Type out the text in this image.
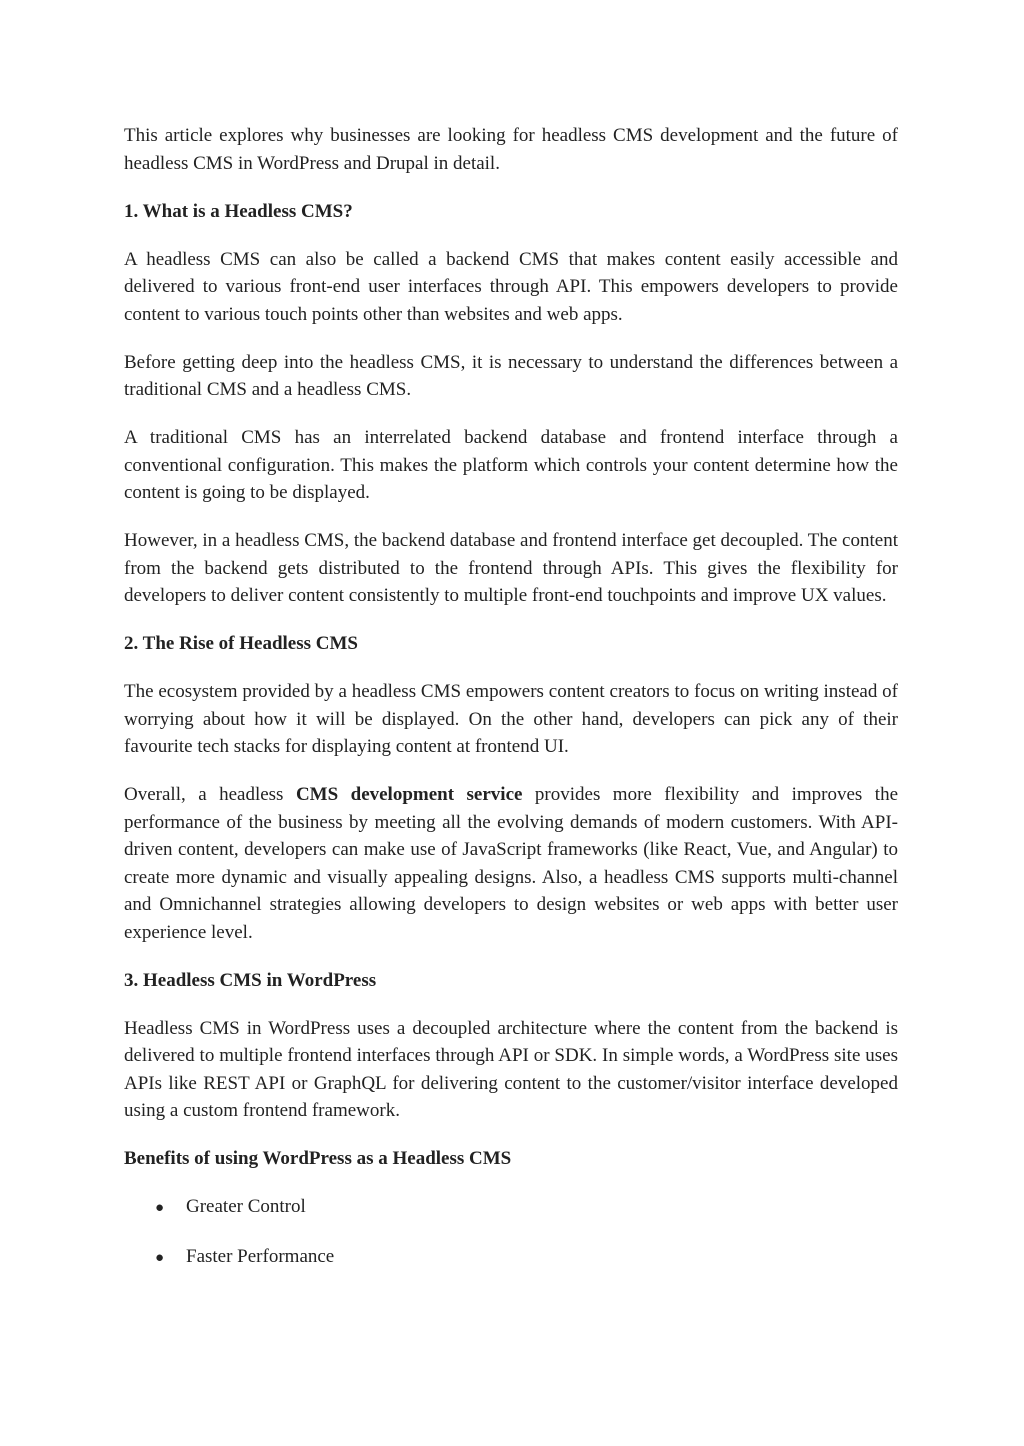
This article explores why businesses are looking for headless CMS development and the future of headless CMS in WordPress and Drupal in detail.

1. What is a Headless CMS?

A headless CMS can also be called a backend CMS that makes content easily accessible and delivered to various front-end user interfaces through API. This empowers developers to provide content to various touch points other than websites and web apps.

Before getting deep into the headless CMS, it is necessary to understand the differences between a traditional CMS and a headless CMS.

A traditional CMS has an interrelated backend database and frontend interface through a conventional configuration. This makes the platform which controls your content determine how the content is going to be displayed.

However, in a headless CMS, the backend database and frontend interface get decoupled. The content from the backend gets distributed to the frontend through APIs. This gives the flexibility for developers to deliver content consistently to multiple front-end touchpoints and improve UX values.

2. The Rise of Headless CMS

The ecosystem provided by a headless CMS empowers content creators to focus on writing instead of worrying about how it will be displayed. On the other hand, developers can pick any of their favourite tech stacks for displaying content at frontend UI.

Overall, a headless CMS development service provides more flexibility and improves the performance of the business by meeting all the evolving demands of modern customers. With API-driven content, developers can make use of JavaScript frameworks (like React, Vue, and Angular) to create more dynamic and visually appealing designs. Also, a headless CMS supports multi-channel and Omnichannel strategies allowing developers to design websites or web apps with better user experience level.

3. Headless CMS in WordPress

Headless CMS in WordPress uses a decoupled architecture where the content from the backend is delivered to multiple frontend interfaces through API or SDK. In simple words, a WordPress site uses APIs like REST API or GraphQL for delivering content to the customer/visitor interface developed using a custom frontend framework.

Benefits of using WordPress as a Headless CMS

●	Greater Control
●	Faster Performance
